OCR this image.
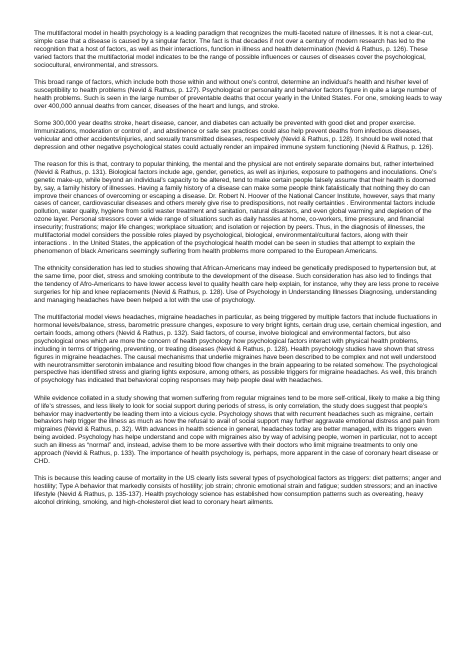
The multifactoral model in health psychology is a leading paradigm that recognizes the multi-faceted nature of illnesses. It is not a clear-cut, simple case that a disease is caused by a singular factor. The fact is that decades if not over a century of modern research has led to the recognition that a host of factors, as well as their interactions, function in illness and health determination (Nevid & Rathus, p. 126). These varied factors that the multifactorial model indicates to be the range of possible influences or causes of diseases cover the psychological, sociocultural, environmental, and stressors.

This broad range of factors, which include both those within and without one’s control, determine an individual’s health and his/her level of susceptibility to health problems (Nevid & Rathus, p. 127). Psychological or personality and behavior factors figure in quite a large number of health problems. Such is seen in the large number of preventable deaths that occur yearly in the United States. For one, smoking leads to way over 400,000 annual deaths from cancer, diseases of the heart and lungs, and stroke.

Some 300,000 year deaths stroke, heart disease, cancer, and diabetes can actually be prevented with good diet and proper exercise. Immunizations, moderation or control of , and abstinence or safe sex practices could also help prevent deaths from infectious diseases, vehicular and other accidents/injuries, and sexually transmitted diseases, respectively (Nevid & Rathus, p. 128). It should be well noted that depression and other negative psychological states could actually render an impaired immune system functioning (Nevid & Rathus, p. 126).

The reason for this is that, contrary to popular thinking, the mental and the physical are not entirely separate domains but, rather intertwined (Nevid & Rathus, p. 131). Biological factors include age, gender, genetics, as well as injuries, exposure to pathogens and inoculations. One’s genetic make-up, while beyond an individual’s capacity to be altered, tend to make certain people falsely assume that their health is doomed by, say, a family history of illnesses. Having a family history of a disease can make some people think fatalistically that nothing they do can improve their chances of overcoming or escaping a disease. Dr. Robert N. Hoover of the National Cancer Institute, however, says that many cases of cancer, cardiovascular diseases and others merely give rise to predispositions, not really certainties . Environmental factors include pollution, water quality, hygiene from solid waster treatment and sanitation, natural disasters, and even global warming and depletion of the ozone layer. Personal stressors cover a wide range of situations such as daily hassles at home, co-workers, time pressure, and financial insecurity; frustrations; major life changes; workplace situation; and isolation or rejection by peers. Thus, in the diagnosis of illnesses, the multifactorial model considers the possible roles played by psychological, biological, environmental/cultural factors, along with their interactions . In the United States, the application of the psychological health model can be seen in studies that attempt to explain the phenomenon of black Americans seemingly suffering from health problems more compared to the European Americans.

The ethnicity consideration has led to studies showing that African-Americans may indeed be genetically predisposed to hypertension but, at the same time, poor diet, stress and smoking contribute to the development of the disease. Such consideration has also led to findings that the tendency of Afro-Americans to have lower access level to quality health care help explain, for instance, why they are less prone to receive surgeries for hip and knee replacements (Nevid & Rathus, p. 128). Use of Psychology in Understanding Illnesses Diagnosing, understanding and managing headaches have been helped a lot with the use of psychology.

The multifactorial model views headaches, migraine headaches in particular, as being triggered by multiple factors that include fluctuations in hormonal levels/balance, stress, barometric pressure changes, exposure to very bright lights, certain drug use, certain chemical ingestion, and certain foods, among others (Nevid & Rathus, p. 132). Said factors, of course, involve biological and environmental factors, but also psychological ones which are more the concern of health psychology how psychological factors interact with physical health problems, including in terms of triggering, preventing, or treating diseases (Nevid & Rathus, p. 128). Health psychology studies have shown that stress figures in migraine headaches. The causal mechanisms that underlie migraines have been described to be complex and not well understood with neurotransmitter serotonin imbalance and resulting blood flow changes in the brain appearing to be related somehow. The psychological perspective has identified stress and glaring lights exposure, among others, as possible triggers for migraine headaches. As well, this branch of psychology has indicated that behavioral coping responses may help people deal with headaches.

While evidence collated in a study showing that women suffering from regular migraines tend to be more self-critical, likely to make a big thing of life’s stresses, and less likely to look for social support during periods of stress, is only correlation, the study does suggest that people’s behavior may inadvertently be leading them into a vicious cycle. Psychology shows that with recurrent headaches such as migraine, certain behaviors help trigger the illness as much as how the refusal to avail of social support may further aggravate emotional distress and pain from migraines (Nevid & Rathus, p. 32). With advances in health science in general, headaches today are better managed, with its triggers even being avoided. Psychology has helpe understand and cope with migraines also by way of advising people, women in particular, not to accept such an illness as “normal” and, instead, advise them to be more assertive with their doctors who limit migraine treatments to only one approach (Nevid & Rathus, p. 133). The importance of health psychology is, perhaps, more apparent in the case of coronary heart disease or CHD.

This is because this leading cause of mortality in the US clearly lists several types of psychological factors as triggers: diet patterns; anger and hostility; Type A behavior that markedly consists of hostility; job strain; chronic emotional strain and fatigue; sudden stressors; and an inactive lifestyle (Nevid & Rathus, p. 135-137). Health psychology science has established how consumption patterns such as overeating, heavy alcohol drinking, smoking, and high-cholesterol diet lead to coronary heart ailments.
